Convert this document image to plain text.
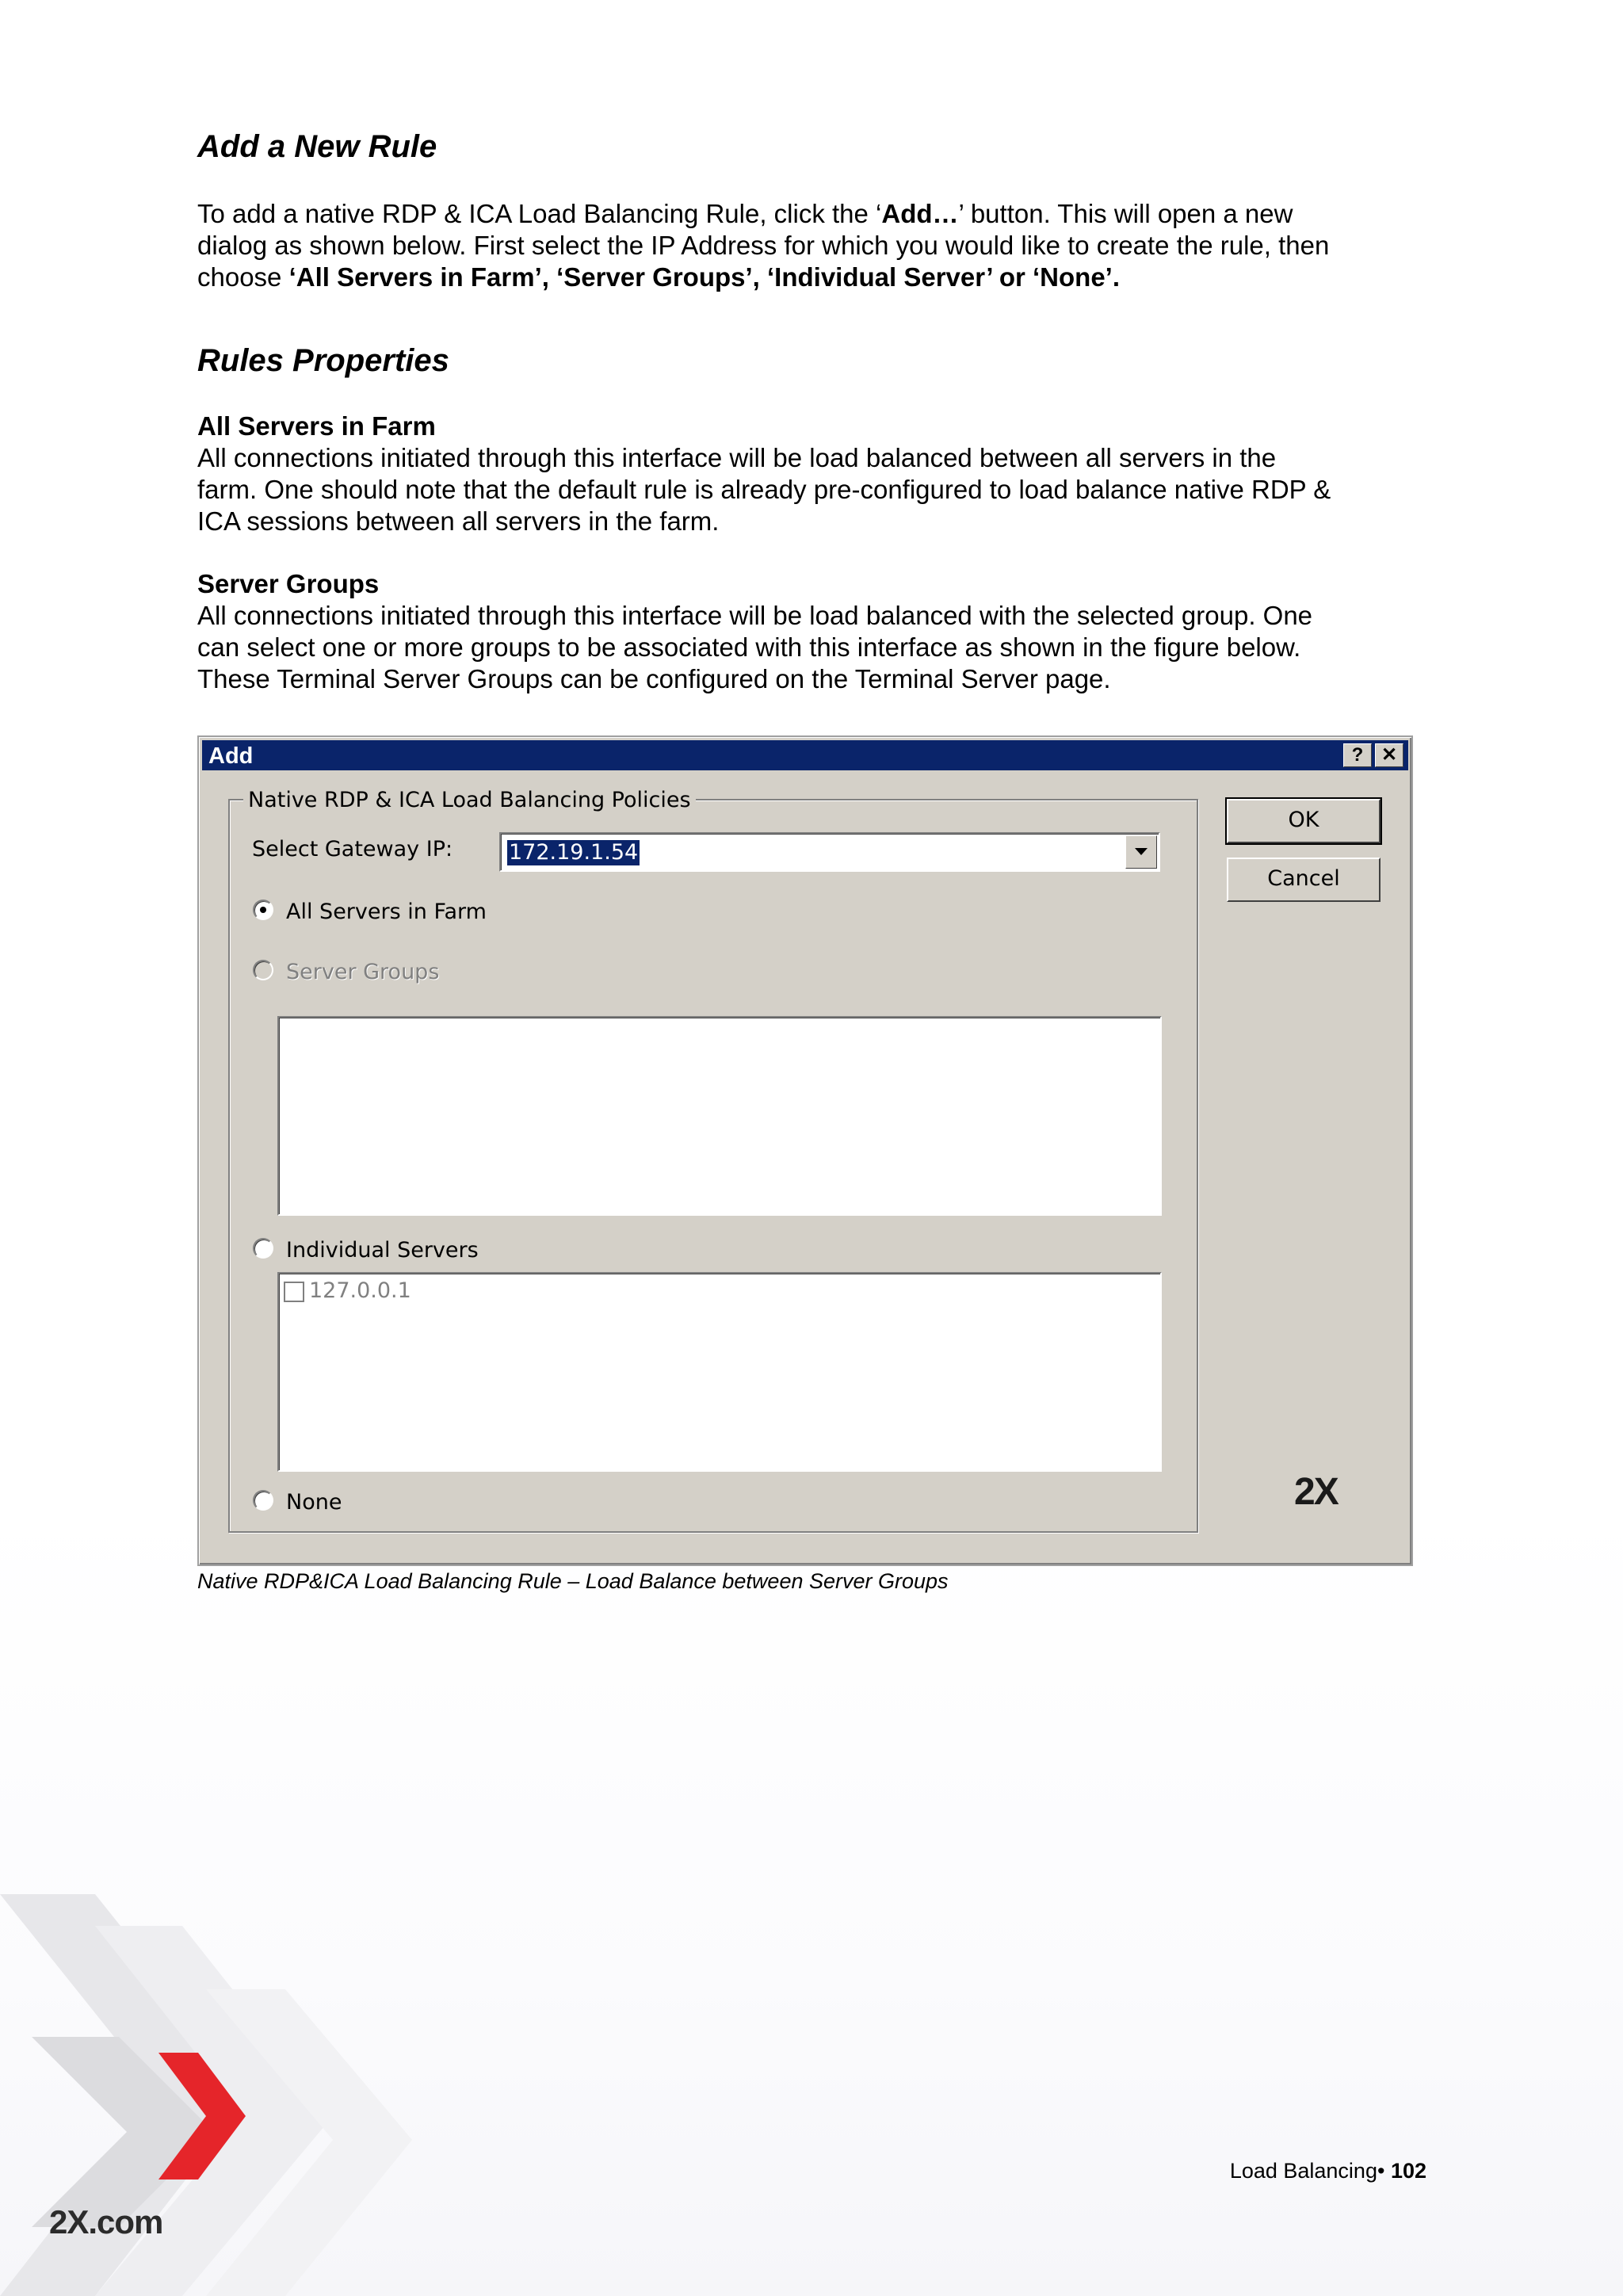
Add a New Rule

To add a native RDP & ICA Load Balancing Rule, click the ‘Add…’ button. This will open a new dialog as shown below. First select the IP Address for which you would like to create the rule, then choose ‘All Servers in Farm’, ‘Server Groups’, ‘Individual Server’ or ‘None’.

Rules Properties

All Servers in Farm

All connections initiated through this interface will be load balanced between all servers in the farm. One should note that the default rule is already pre-configured to load balance native RDP & ICA sessions between all servers in the farm.

Server Groups

All connections initiated through this interface will be load balanced with the selected group. One can select one or more groups to be associated with this interface as shown in the figure below. These Terminal Server Groups can be configured on the Terminal Server page.

Add	? ✕
Native RDP & ICA Load Balancing Policies
Select Gateway IP:	172.19.1.54
All Servers in Farm
Server Groups
Individual Servers
127.0.0.1
None
OK
Cancel
2X
Native RDP&ICA Load Balancing Rule – Load Balance between Server Groups
2X.com
Load Balancing• 102
